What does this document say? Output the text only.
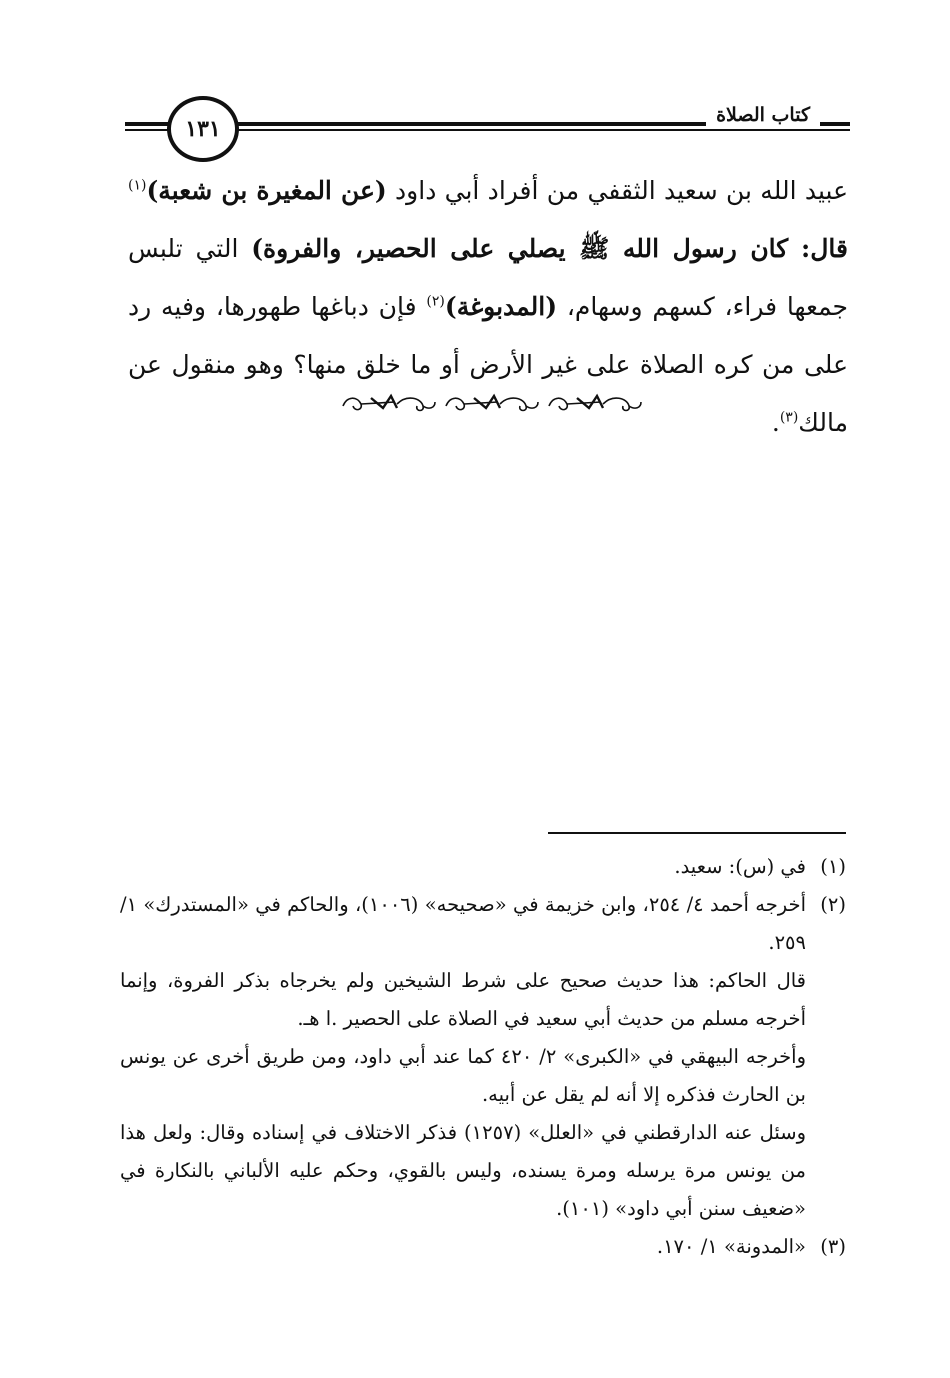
كتاب الصلاة
١٣١
عبيد الله بن سعيد الثقفي من أفراد أبي داود (عن المغيرة بن شعبة)$^{(١)}$ قال: كان رسول الله ﷺ يصلي على الحصير، والفروة) التي تلبس جمعها فراء، كسهم وسهام، (المدبوغة)$^{(٢)}$ فإن دباغها طهورها، وفيه رد على من كره الصلاة على غير الأرض أو ما خلق منها؟ وهو منقول عن مالك$^{(٣)}$.
(١)
في (س): سعيد.
(٢)
أخرجه أحمد ٤/ ٢٥٤، وابن خزيمة في «صحيحه» (١٠٠٦)، والحاكم في «المستدرك» ١/ ٢٥٩.
قال الحاكم: هذا حديث صحيح على شرط الشيخين ولم يخرجاه بذكر الفروة، وإنما أخرجه مسلم من حديث أبي سعيد في الصلاة على الحصير .ا هـ.
وأخرجه البيهقي في «الكبرى» ٢/ ٤٢٠ كما عند أبي داود، ومن طريق أخرى عن يونس بن الحارث فذكره إلا أنه لم يقل عن أبيه.
وسئل عنه الدارقطني في «العلل» (١٢٥٧) فذكر الاختلاف في إسناده وقال: ولعل هذا من يونس مرة يرسله ومرة يسنده، وليس بالقوي، وحكم عليه الألباني بالنكارة في «ضعيف سنن أبي داود» (١٠١).
(٣)
«المدونة» ١/ ١٧٠.
